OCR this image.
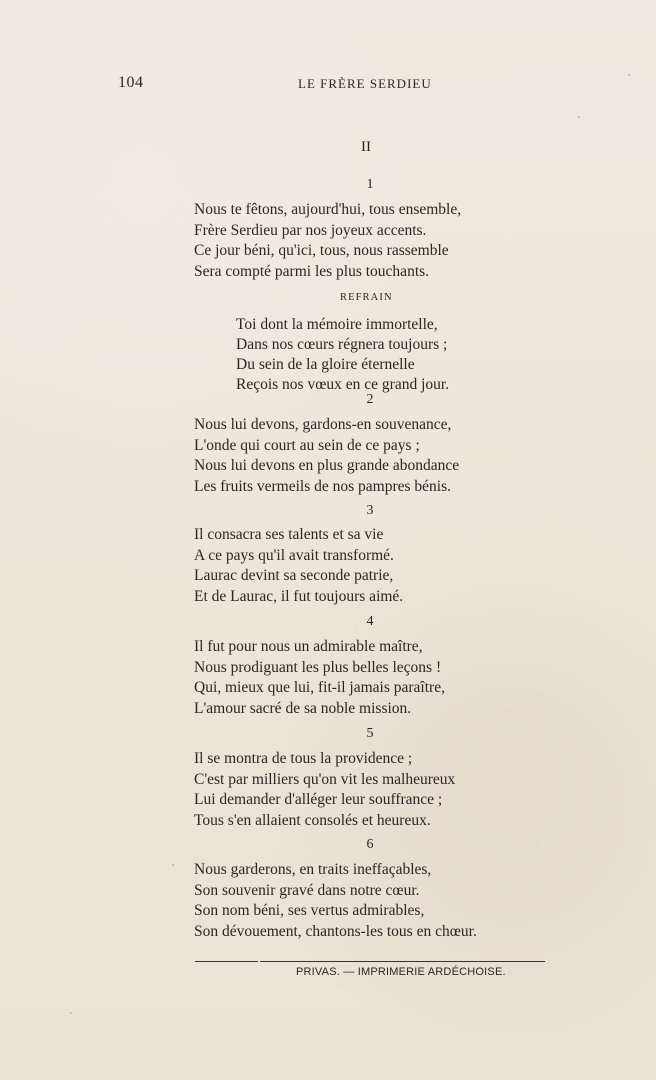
104	LE FRÈRE SERDIEU
II
1
Nous te fêtons, aujourd'hui, tous ensemble,
Frère Serdieu par nos joyeux accents.
Ce jour béni, qu'ici, tous, nous rassemble
Sera compté parmi les plus touchants.
REFRAIN
Toi dont la mémoire immortelle,
Dans nos cœurs régnera toujours ;
Du sein de la gloire éternelle
Reçois nos vœux en ce grand jour.
2
Nous lui devons, gardons-en souvenance,
L'onde qui court au sein de ce pays ;
Nous lui devons en plus grande abondance
Les fruits vermeils de nos pampres bénis.
3
Il consacra ses talents et sa vie
A ce pays qu'il avait transformé.
Laurac devint sa seconde patrie,
Et de Laurac, il fut toujours aimé.
4
Il fut pour nous un admirable maître,
Nous prodiguant les plus belles leçons !
Qui, mieux que lui, fit-il jamais paraître,
L'amour sacré de sa noble mission.
5
Il se montra de tous la providence ;
C'est par milliers qu'on vit les malheureux
Lui demander d'alléger leur souffrance ;
Tous s'en allaient consolés et heureux.
6
Nous garderons, en traits ineffaçables,
Son souvenir gravé dans notre cœur.
Son nom béni, ses vertus admirables,
Son dévouement, chantons-les tous en chœur.
PRIVAS. — IMPRIMERIE ARDÉCHOISE.
